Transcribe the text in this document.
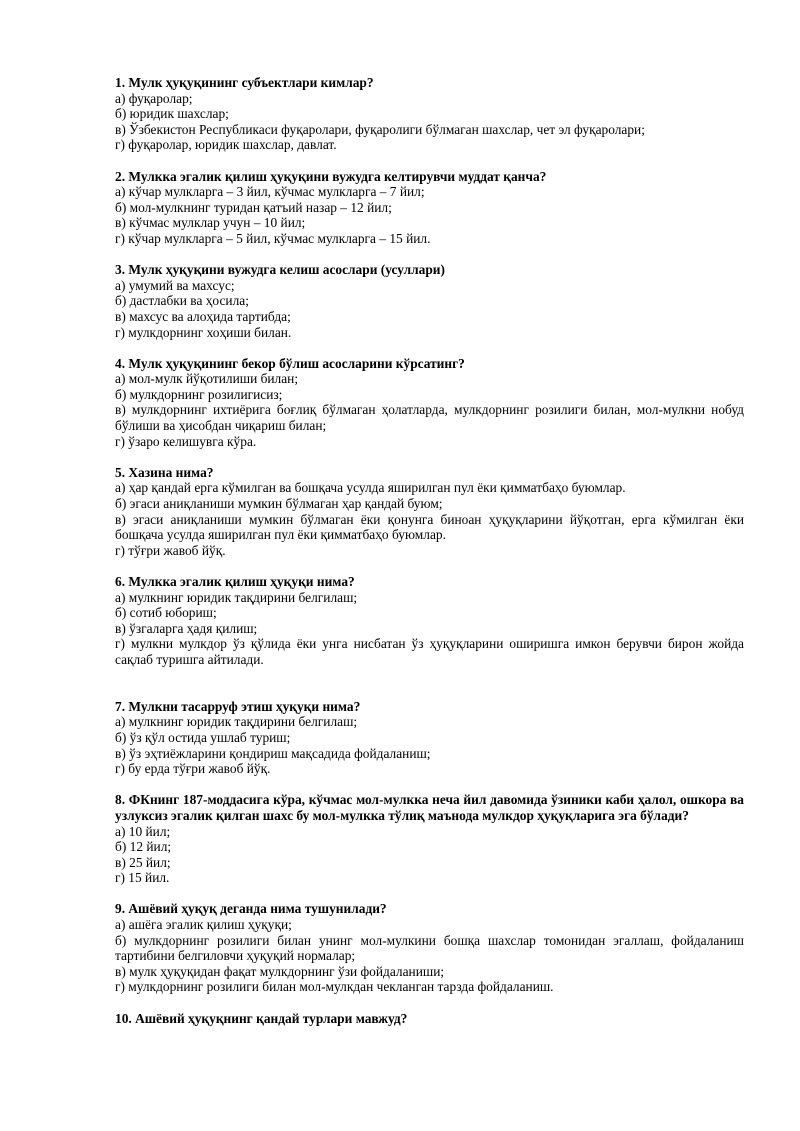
1. Мулк ҳуқуқининг субъектлари кимлар?
а) фуқаролар;
б) юридик шахслар;
в) Ўзбекистон Республикаси фуқаролари, фуқаролиги бўлмаган шахслар, чет эл фуқаролари;
г) фуқаролар, юридик шахслар, давлат.
2. Мулкка эгалик қилиш ҳуқуқини вужудга келтирувчи муддат қанча?
а) кўчар мулкларга – 3 йил, кўчмас мулкларга – 7 йил;
б) мол-мулкнинг туридан қатъий назар – 12 йил;
в) кўчмас мулклар учун – 10 йил;
г) кўчар мулкларга – 5 йил, кўчмас мулкларга – 15 йил.
3. Мулк ҳуқуқини вужудга келиш асослари (усуллари)
а) умумий ва махсус;
б) дастлабки ва ҳосила;
в) махсус ва алоҳида тартибда;
г) мулкдорнинг хоҳиши билан.
4. Мулк ҳуқуқининг бекор бўлиш асосларини кўрсатинг?
а) мол-мулк йўқотилиши билан;
б) мулкдорнинг розилигисиз;
в) мулкдорнинг ихтиёрига боғлиқ бўлмаган ҳолатларда, мулкдорнинг розилиги билан, мол-мулкни нобуд бўлиши ва ҳисобдан чиқариш билан;
г) ўзаро келишувга кўра.
5. Хазина нима?
а) ҳар қандай ерга кўмилган ва бошқача усулда яширилган пул ёки қимматбаҳо буюмлар.
б) эгаси аниқланиши мумкин бўлмаган ҳар қандай буюм;
в) эгаси аниқланиши мумкин бўлмаган ёки қонунга биноан ҳуқуқларини йўқотган, ерга кўмилган ёки бошқача усулда яширилган пул ёки қимматбаҳо буюмлар.
г) тўғри жавоб йўқ.
6. Мулкка эгалик қилиш ҳуқуқи нима?
а) мулкнинг юридик тақдирини белгилаш;
б) сотиб юбориш;
в) ўзгаларга ҳадя қилиш;
г) мулкни мулкдор ўз қўлида ёки унга нисбатан ўз ҳуқуқларини оширишга имкон берувчи бирон жойда сақлаб туришга айтилади.
7. Мулкни тасарруф этиш ҳуқуқи нима?
а) мулкнинг юридик тақдирини белгилаш;
б) ўз қўл остида ушлаб туриш;
в) ўз эҳтиёжларини қондириш мақсадида фойдаланиш;
г) бу ерда тўғри жавоб йўқ.
8. ФКнинг 187-моддасига кўра, кўчмас мол-мулкка неча йил давомида ўзиники каби ҳалол, ошкора ва узлуксиз эгалик қилган шахс бу мол-мулкка тўлиқ маънода мулкдор ҳуқуқларига эга бўлади?
а) 10 йил;
б) 12 йил;
в) 25 йил;
г) 15 йил.
9. Ашёвий ҳуқуқ деганда нима тушунилади?
а) ашёга эгалик қилиш ҳуқуқи;
б) мулкдорнинг розилиги билан унинг мол-мулкини бошқа шахслар томонидан эгаллаш, фойдаланиш тартибини белгиловчи ҳуқуқий нормалар;
в) мулк ҳуқуқидан фақат мулкдорнинг ўзи фойдаланиши;
г) мулкдорнинг розилиги билан мол-мулкдан чекланган тарзда фойдаланиш.
10. Ашёвий ҳуқуқнинг қандай турлари мавжуд?
